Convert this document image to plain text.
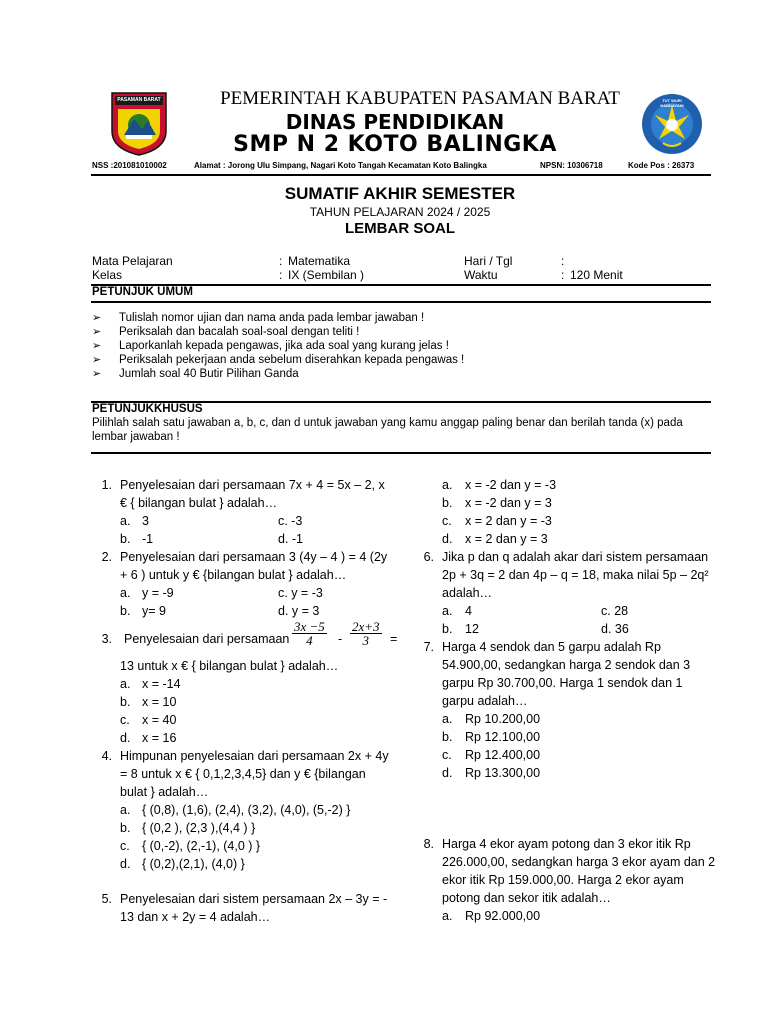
PASAMAN BARAT	TUT WURI HANDAYANI
PEMERINTAH KABUPATEN PASAMAN BARAT
DINAS PENDIDIKAN
SMP N 2 KOTO BALINGKA
NSS :201081010002	Alamat : Jorong Ulu Simpang, Nagari Koto Tangah Kecamatan Koto Balingka	NPSN: 10306718	Kode Pos : 26373
SUMATIF AKHIR SEMESTER
TAHUN PELAJARAN 2024 / 2025
LEMBAR SOAL
Mata Pelajaran	: Matematika	Hari / Tgl	:
Kelas	: IX (Sembilan )	Waktu	: 120 Menit
PETUNJUK UMUM
➢ Tulislah nomor ujian dan nama anda pada lembar jawaban !
➢ Periksalah dan bacalah soal-soal dengan teliti !
➢ Laporkanlah kepada pengawas, jika ada soal yang kurang jelas !
➢ Periksalah pekerjaan anda sebelum diserahkan kepada pengawas !
➢ Jumlah soal 40 Butir Pilihan Ganda
PETUNJUKKHUSUS
Pilihlah salah satu jawaban a, b, c, dan d untuk jawaban yang kamu anggap paling benar dan berilah tanda (x) pada
lembar jawaban !
1. Penyelesaian dari persamaan 7x + 4 = 5x – 2, x
€ { bilangan bulat } adalah…
a. 3	c. -3
b. -1	d. -1
2. Penyelesaian dari persamaan 3 (4y – 4 ) = 4 (2y
+ 6 ) untuk y € {bilangan bulat } adalah…
a. y = -9	c. y = -3
b. y= 9	d. y = 3
3. Penyelesaian dari persamaan $\frac{3x -5}{4} - \frac{2x+3}{3}$ =
13 untuk x € { bilangan bulat } adalah…
a. x = -14
b. x = 10
c. x = 40
d. x = 16
4. Himpunan penyelesaian dari persamaan 2x + 4y
= 8 untuk x € { 0,1,2,3,4,5} dan y € {bilangan
bulat } adalah…
a. { (0,8), (1,6), (2,4), (3,2), (4,0), (5,-2) }
b. { (0,2 ), (2,3 ),(4,4 ) }
c. { (0,-2), (2,-1), (4,0 ) }
d. { (0,2),(2,1), (4,0) }
5. Penyelesaian dari sistem persamaan 2x – 3y = -
13 dan x + 2y = 4 adalah…
a. x = -2 dan y = -3
b. x = -2 dan y = 3
c. x = 2 dan y = -3
d. x = 2 dan y = 3
6. Jika p dan q adalah akar dari sistem persamaan
2p + 3q = 2 dan 4p – q = 18, maka nilai 5p – 2q²
adalah…
a. 4	c. 28
b. 12	d. 36
7. Harga 4 sendok dan 5 garpu adalah Rp
54.900,00, sedangkan harga 2 sendok dan 3
garpu Rp 30.700,00. Harga 1 sendok dan 1
garpu adalah…
a. Rp 10.200,00
b. Rp 12.100,00
c. Rp 12.400,00
d. Rp 13.300,00
8. Harga 4 ekor ayam potong dan 3 ekor itik Rp
226.000,00, sedangkan harga 3 ekor ayam dan 2
ekor itik Rp 159.000,00. Harga 2 ekor ayam
potong dan sekor itik adalah…
a. Rp 92.000,00
